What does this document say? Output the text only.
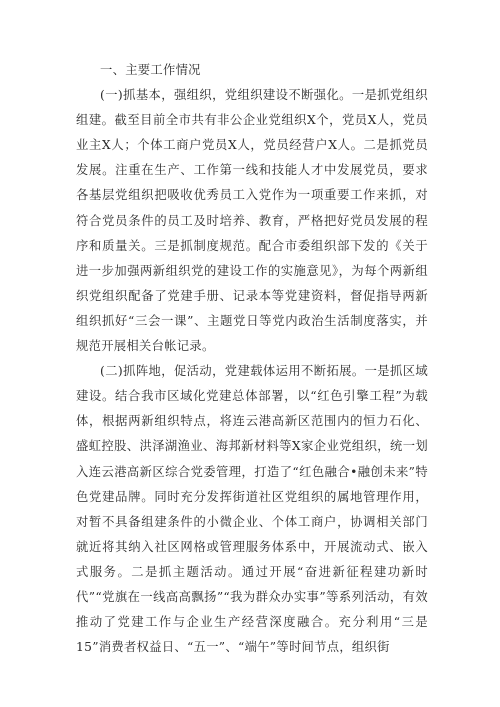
一、主要工作情况

(一)抓基本，强组织，党组织建设不断强化。一是抓党组织组建。截至目前全市共有非公企业党组织X个，党员X人，党员业主X人；个体工商户党员X人，党员经营户X人。二是抓党员发展。注重在生产、工作第一线和技能人才中发展党员，要求各基层党组织把吸收优秀员工入党作为一项重要工作来抓，对符合党员条件的员工及时培养、教育，严格把好党员发展的程序和质量关。三是抓制度规范。配合市委组织部下发的《关于进一步加强两新组织党的建设工作的实施意见》，为每个两新组织党组织配备了党建手册、记录本等党建资料，督促指导两新组织抓好“三会一课”、主题党日等党内政治生活制度落实，并规范开展相关台帐记录。

(二)抓阵地，促活动，党建载体运用不断拓展。一是抓区域建设。结合我市区域化党建总体部署，以“红色引擎工程”为载体，根据两新组织特点，将连云港高新区范围内的恒力石化、盛虹控股、洪泽湖渔业、海邦新材料等X家企业党组织，统一划入连云港高新区综合党委管理，打造了“红色融合•融创未来”特色党建品牌。同时充分发挥街道社区党组织的属地管理作用，对暂不具备组建条件的小微企业、个体工商户，协调相关部门就近将其纳入社区网格或管理服务体系中，开展流动式、嵌入式服务。二是抓主题活动。通过开展“奋进新征程建功新时代”“党旗在一线高高飘扬”“我为群众办实事”等系列活动，有效推动了党建工作与企业生产经营深度融合。充分利用“三是15”消费者权益日、“五一”、“端午”等时间节点，组织街
